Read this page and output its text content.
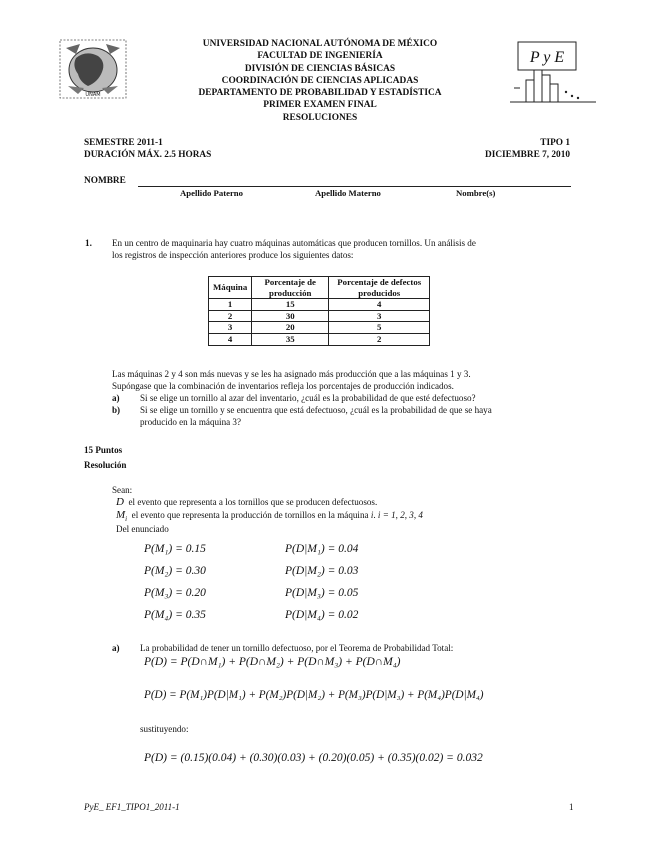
UNAM
UNIVERSIDAD NACIONAL AUTÓNOMA DE MÉXICO
FACULTAD DE INGENIERÍA
DIVISIÓN DE CIENCIAS BÁSICAS
COORDINACIÓN DE CIENCIAS APLICADAS
DEPARTAMENTO DE PROBABILIDAD Y ESTADÍSTICA
PRIMER EXAMEN FINAL
RESOLUCIONES
P y E
SEMESTRE 2011-1
DURACIÓN MÁX. 2.5 HORAS
TIPO 1
DICIEMBRE 7, 2010
NOMBRE
Apellido Paterno	Apellido Materno	Nombre(s)
1. En un centro de maquinaria hay cuatro máquinas automáticas que producen tornillos. Un análisis de
los registros de inspección anteriores produce los siguientes datos:
Máquina	Porcentaje de producción	Porcentaje de defectos producidos
1	15	4
2	30	3
3	20	5
4	35	2
Las máquinas 2 y 4 son más nuevas y se les ha asignado más producción que a las máquinas 1 y 3.
Supóngase que la combinación de inventarios refleja los porcentajes de producción indicados.
a) Si se elige un tornillo al azar del inventario, ¿cuál es la probabilidad de que esté defectuoso?
b) Si se elige un tornillo y se encuentra que está defectuoso, ¿cuál es la probabilidad de que se haya
producido en la máquina 3?
15 Puntos
Resolución
Sean:
D el evento que representa a los tornillos que se producen defectuosos.
$M_i$ el evento que representa la producción de tornillos en la máquina i. i = 1, 2, 3, 4
Del enunciado
P(M₁) = 0.15	P(D|M₁) = 0.04
P(M₂) = 0.30	P(D|M₂) = 0.03
P(M₃) = 0.20	P(D|M₃) = 0.05
P(M₄) = 0.35	P(D|M₄) = 0.02
a) La probabilidad de tener un tornillo defectuoso, por el Teorema de Probabilidad Total:
P(D) = P(D∩M₁) + P(D∩M₂) + P(D∩M₃) + P(D∩M₄)
P(D) = P(M₁)P(D|M₁) + P(M₂)P(D|M₂) + P(M₃)P(D|M₃) + P(M₄)P(D|M₄)
sustituyendo:
P(D) = (0.15)(0.04) + (0.30)(0.03) + (0.20)(0.05) + (0.35)(0.02) = 0.032
PyE_ EF1_TIPO1_2011-1	1
